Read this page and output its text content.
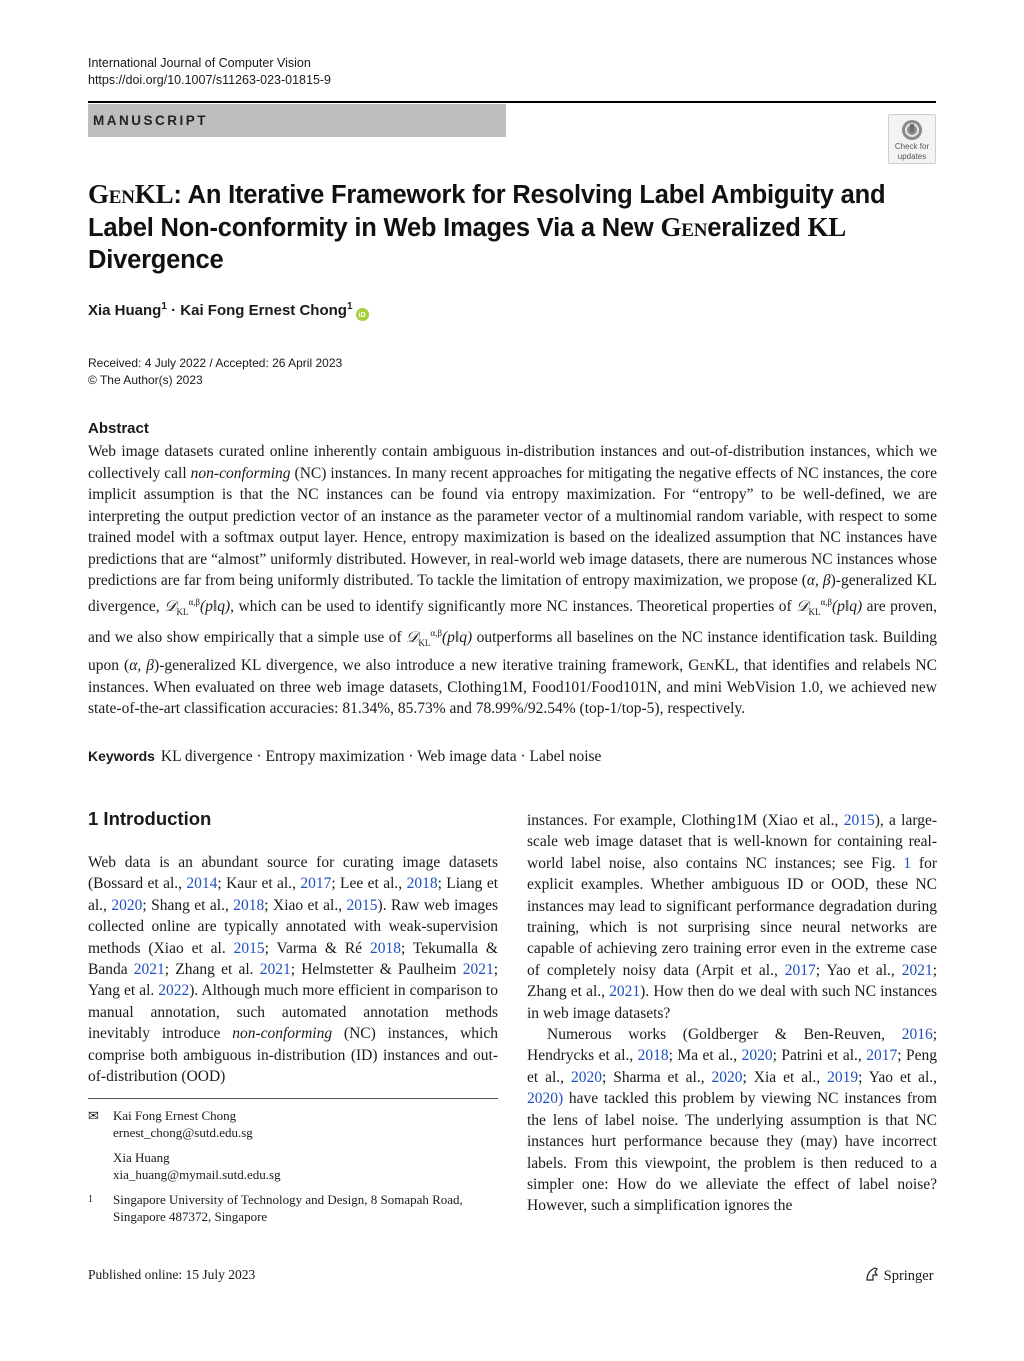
International Journal of Computer Vision
https://doi.org/10.1007/s11263-023-01815-9
MANUSCRIPT
Check for
updates
GenKL: An Iterative Framework for Resolving Label Ambiguity and
Label Non-conformity in Web Images Via a New Generalized KL
Divergence
Xia Huang$^1$ · Kai Fong Ernest Chong$^1$iD
Received: 4 July 2022 / Accepted: 26 April 2023
© The Author(s) 2023
Abstract
Web image datasets curated online inherently contain ambiguous in-distribution instances and out-of-distribution instances, which we collectively call non-conforming (NC) instances. In many recent approaches for mitigating the negative effects of NC instances, the core implicit assumption is that the NC instances can be found via entropy maximization. For “entropy” to be well-defined, we are interpreting the output prediction vector of an instance as the parameter vector of a multinomial random variable, with respect to some trained model with a softmax output layer. Hence, entropy maximization is based on the idealized assumption that NC instances have predictions that are “almost” uniformly distributed. However, in real-world web image datasets, there are numerous NC instances whose predictions are far from being uniformly distributed. To tackle the limitation of entropy maximization, we propose (α, β)-generalized KL divergence, 𝒟$_{KL}^{\alpha,\beta}$(p‖q), which can be used to identify significantly more NC instances. Theoretical properties of 𝒟$_{KL}^{\alpha,\beta}$(p‖q) are proven, and we also show empirically that a simple use of 𝒟$_{KL}^{\alpha,\beta}$(p‖q) outperforms all baselines on the NC instance identification task. Building upon (α, β)-generalized KL divergence, we also introduce a new iterative training framework, GenKL, that identifies and relabels NC instances. When evaluated on three web image datasets, Clothing1M, Food101/Food101N, and mini WebVision 1.0, we achieved new state-of-the-art classification accuracies: 81.34%, 85.73% and 78.99%/92.54% (top-1/top-5), respectively.
Keywords KL divergence · Entropy maximization · Web image data · Label noise
1 Introduction

Web data is an abundant source for curating image datasets (Bossard et al., 2014; Kaur et al., 2017; Lee et al., 2018; Liang et al., 2020; Shang et al., 2018; Xiao et al., 2015). Raw web images collected online are typically annotated with weak-supervision methods (Xiao et al. 2015; Varma & Ré 2018; Tekumalla & Banda 2021; Zhang et al. 2021; Helmstetter & Paulheim 2021; Yang et al. 2022). Although much more efficient in comparison to manual annotation, such automated annotation methods inevitably introduce non-conforming (NC) instances, which comprise both ambiguous in-distribution (ID) instances and out-of-distribution (OOD)

instances. For example, Clothing1M (Xiao et al., 2015), a large-scale web image dataset that is well-known for containing real-world label noise, also contains NC instances; see Fig. 1 for explicit examples. Whether ambiguous ID or OOD, these NC instances may lead to significant performance degradation during training, which is not surprising since neural networks are capable of achieving zero training error even in the extreme case of completely noisy data (Arpit et al., 2017; Yao et al., 2021; Zhang et al., 2021). How then do we deal with such NC instances in web image datasets?

Numerous works (Goldberger & Ben-Reuven, 2016; Hendrycks et al., 2018; Ma et al., 2020; Patrini et al., 2017; Peng et al., 2020; Sharma et al., 2020; Xia et al., 2019; Yao et al., 2020) have tackled this problem by viewing NC instances from the lens of label noise. The underlying assumption is that NC instances hurt performance because they (may) have incorrect labels. From this viewpoint, the problem is then reduced to a simpler one: How do we alleviate the effect of label noise? However, such a simplification ignores the

✉ Kai Fong Ernest Chong
ernest_chong@sutd.edu.sg
Xia Huang
xia_huang@mymail.sutd.edu.sg
1 Singapore University of Technology and Design, 8 Somapah Road, Singapore 487372, Singapore
Published online: 15 July 2023	Springer
